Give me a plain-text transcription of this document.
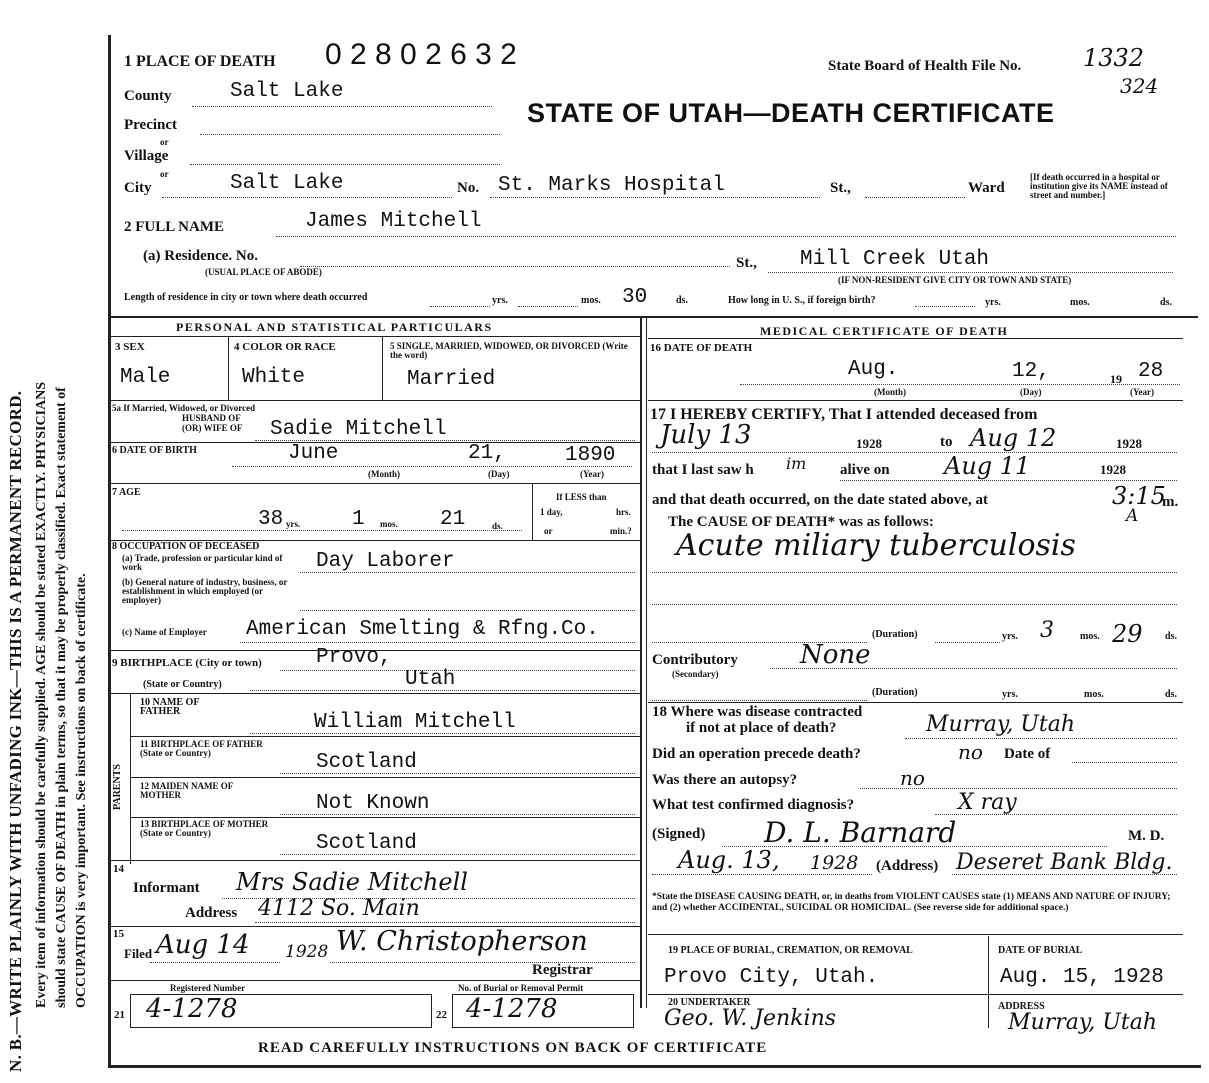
N. B.—WRITE PLAINLY WITH UNFADING INK—THIS IS A PERMANENT RECORD. Every item of information should be carefully supplied. AGE should be stated EXACTLY. PHYSICIANS should state CAUSE OF DEATH in plain terms, so that it may be properly classified. Exact statement of OCCUPATION is very important. See instructions on back of certificate.
1 PLACE OF DEATH 0 2 8 0 2 6 3 2	State Board of Health File No.	1332
324
STATE OF UTAH—DEATH CERTIFICATE
County	Salt Lake
Precinct
or
Village
or
City	Salt Lake	No. St. Marks Hospital	St.,	Ward
[If death occurred in a hospital or institution give its NAME instead of street and number.]
2 FULL NAME	James Mitchell
(a) Residence. No.
(USUAL PLACE OF ABODE)
St., Mill Creek Utah
(IF NON-RESIDENT GIVE CITY OR TOWN AND STATE)
Length of residence in city or town where death occurred	yrs.	mos. 30	ds.	How long in U. S., if foreign birth?	yrs.	mos.	ds.
PERSONAL AND STATISTICAL PARTICULARS	MEDICAL CERTIFICATE OF DEATH
3 SEX
Male
4 COLOR OR RACE
White
5 SINGLE, MARRIED, WIDOWED, OR DIVORCED (Write the word)
Married
5a If Married, Widowed, or Divorced
HUSBAND OF
(OR) WIFE OF Sadie Mitchell
6 DATE OF BIRTH	June	21,	1890
(Month)	(Day)	(Year)
7 AGE
38 yrs. 1 mos. 21	ds.
If LESS than
1 day,	hrs.
or	min.?
8 OCCUPATION OF DECEASED
(a) Trade, profession or particular kind of work	Day Laborer
(b) General nature of industry, business, or establishment in which employed (or employer)
(c) Name of Employer American Smelting & Rfng.Co.
9 BIRTHPLACE (City or town)	Provo,
(State or Country)	Utah
PARENTS
10 NAME OF FATHER	William Mitchell
11 BIRTHPLACE OF FATHER (State or Country)	Scotland
12 MAIDEN NAME OF MOTHER	Not Known
13 BIRTHPLACE OF MOTHER (State or Country)	Scotland
14
Informant Mrs Sadie Mitchell
Address 4112 So. Main
15
Filed Aug 14 1928 W. Christopherson
Registrar
Registered Number
21 4-1278
No. of Burial or Removal Permit
22 4-1278
16 DATE OF DEATH
Aug.	12,	19 28
(Month)	(Day)	(Year)
17 I HEREBY CERTIFY, That I attended deceased from
July 13	1928	to Aug 12	1928
that I last saw h im alive on Aug 11	1928
and that death occurred, on the date stated above, at	3:15
m.
A
The CAUSE OF DEATH* was as follows:
Acute miliary tuberculosis
(Duration)	3
yrs.	mos. 29 ds.
Contributory
(Secondary)
None
(Duration)	yrs.	mos.	ds.
18 Where was disease contracted
if not at place of death?	Murray, Utah
Did an operation precede death?	no Date of
Was there an autopsy?	no
What test confirmed diagnosis?	X ray
(Signed) D. L. Barnard	M. D.
Aug. 13, 1928 (Address) Deseret Bank Bldg.
*State the DISEASE CAUSING DEATH, or, in deaths from VIOLENT CAUSES state (1) MEANS AND NATURE OF INJURY; and (2) whether ACCIDENTAL, SUICIDAL OR HOMICIDAL. (See reverse side for additional space.)
19 PLACE OF BURIAL, CREMATION, OR REMOVAL
Provo City, Utah.
DATE OF BURIAL
Aug. 15, 1928
20 UNDERTAKER
Geo. W. Jenkins	ADDRESS
Murray, Utah
READ CAREFULLY INSTRUCTIONS ON BACK OF CERTIFICATE
